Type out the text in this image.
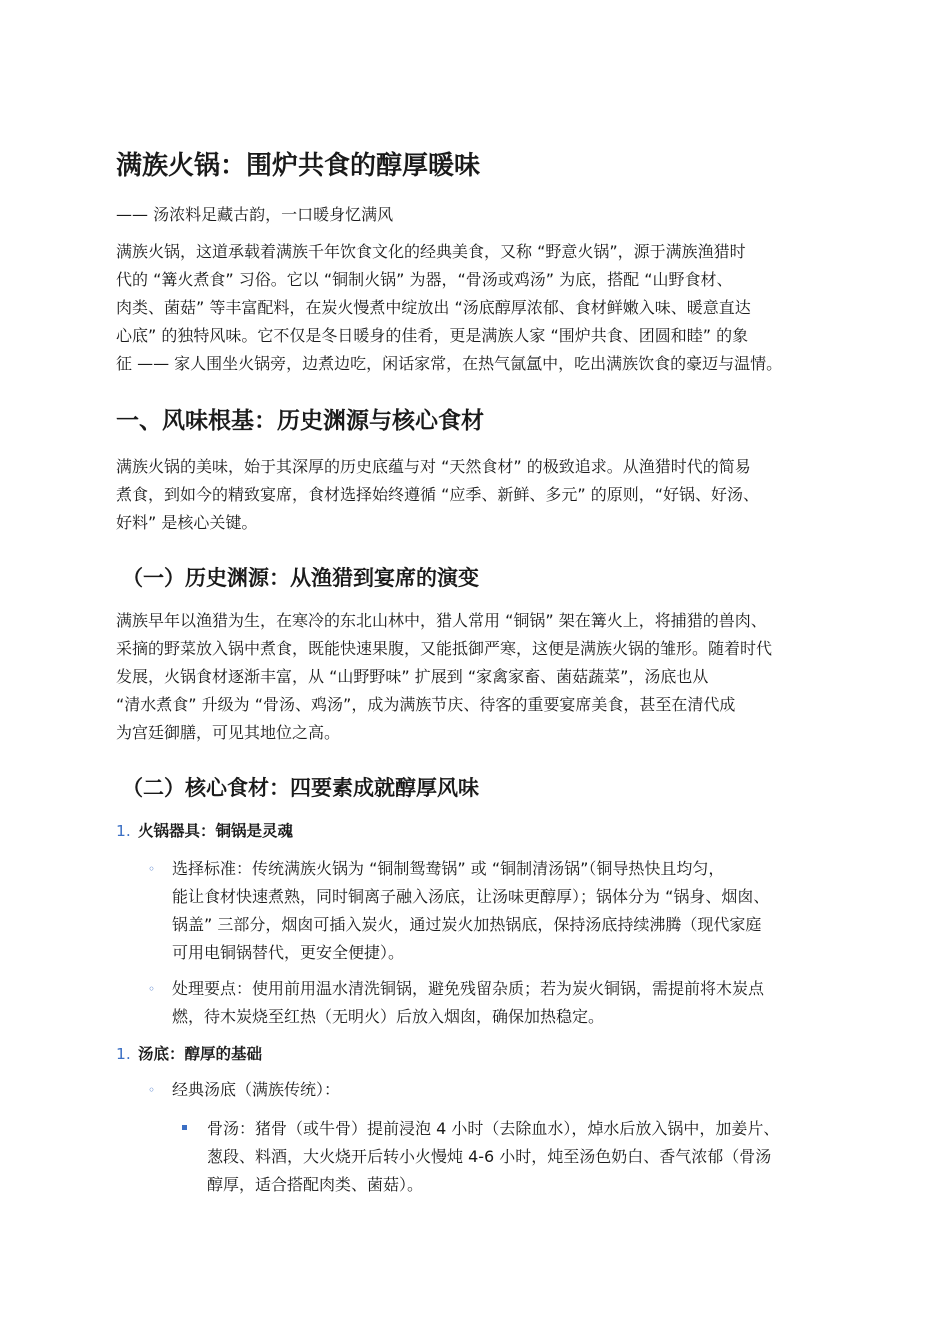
满族火锅：围炉共食的醇厚暖味

—— 汤浓料足藏古韵，一口暖身忆满风

满族火锅，这道承载着满族千年饮食文化的经典美食，又称 “野意火锅”，源于满族渔猎时
代的 “篝火煮食” 习俗。它以 “铜制火锅” 为器，“骨汤或鸡汤” 为底，搭配 “山野食材、
肉类、菌菇” 等丰富配料，在炭火慢煮中绽放出 “汤底醇厚浓郁、食材鲜嫩入味、暖意直达
心底” 的独特风味。它不仅是冬日暖身的佳肴，更是满族人家 “围炉共食、团圆和睦” 的象
征 —— 家人围坐火锅旁，边煮边吃，闲话家常，在热气氤氲中，吃出满族饮食的豪迈与温情。

一、风味根基：历史渊源与核心食材

满族火锅的美味，始于其深厚的历史底蕴与对 “天然食材” 的极致追求。从渔猎时代的简易
煮食，到如今的精致宴席，食材选择始终遵循 “应季、新鲜、多元” 的原则，“好锅、好汤、
好料” 是核心关键。

（一）历史渊源：从渔猎到宴席的演变

满族早年以渔猎为生，在寒冷的东北山林中，猎人常用 “铜锅” 架在篝火上，将捕猎的兽肉、
采摘的野菜放入锅中煮食，既能快速果腹，又能抵御严寒，这便是满族火锅的雏形。随着时代
发展，火锅食材逐渐丰富，从 “山野野味” 扩展到 “家禽家畜、菌菇蔬菜”，汤底也从
“清水煮食” 升级为 “骨汤、鸡汤”，成为满族节庆、待客的重要宴席美食，甚至在清代成
为宫廷御膳，可见其地位之高。

（二）核心食材：四要素成就醇厚风味
1. 火锅器具：铜锅是灵魂
◦ 选择标准：传统满族火锅为 “铜制鸳鸯锅” 或 “铜制清汤锅”（铜导热快且均匀，
能让食材快速煮熟，同时铜离子融入汤底，让汤味更醇厚）；锅体分为 “锅身、烟囱、
锅盖” 三部分，烟囱可插入炭火，通过炭火加热锅底，保持汤底持续沸腾（现代家庭
可用电铜锅替代，更安全便捷）。
◦ 处理要点：使用前用温水清洗铜锅，避免残留杂质；若为炭火铜锅，需提前将木炭点
燃，待木炭烧至红热（无明火）后放入烟囱，确保加热稳定。
1. 汤底：醇厚的基础
◦ 经典汤底（满族传统）：
骨汤：猪骨（或牛骨）提前浸泡 4 小时（去除血水），焯水后放入锅中，加姜片、
葱段、料酒，大火烧开后转小火慢炖 4-6 小时，炖至汤色奶白、香气浓郁（骨汤
醇厚，适合搭配肉类、菌菇）。
